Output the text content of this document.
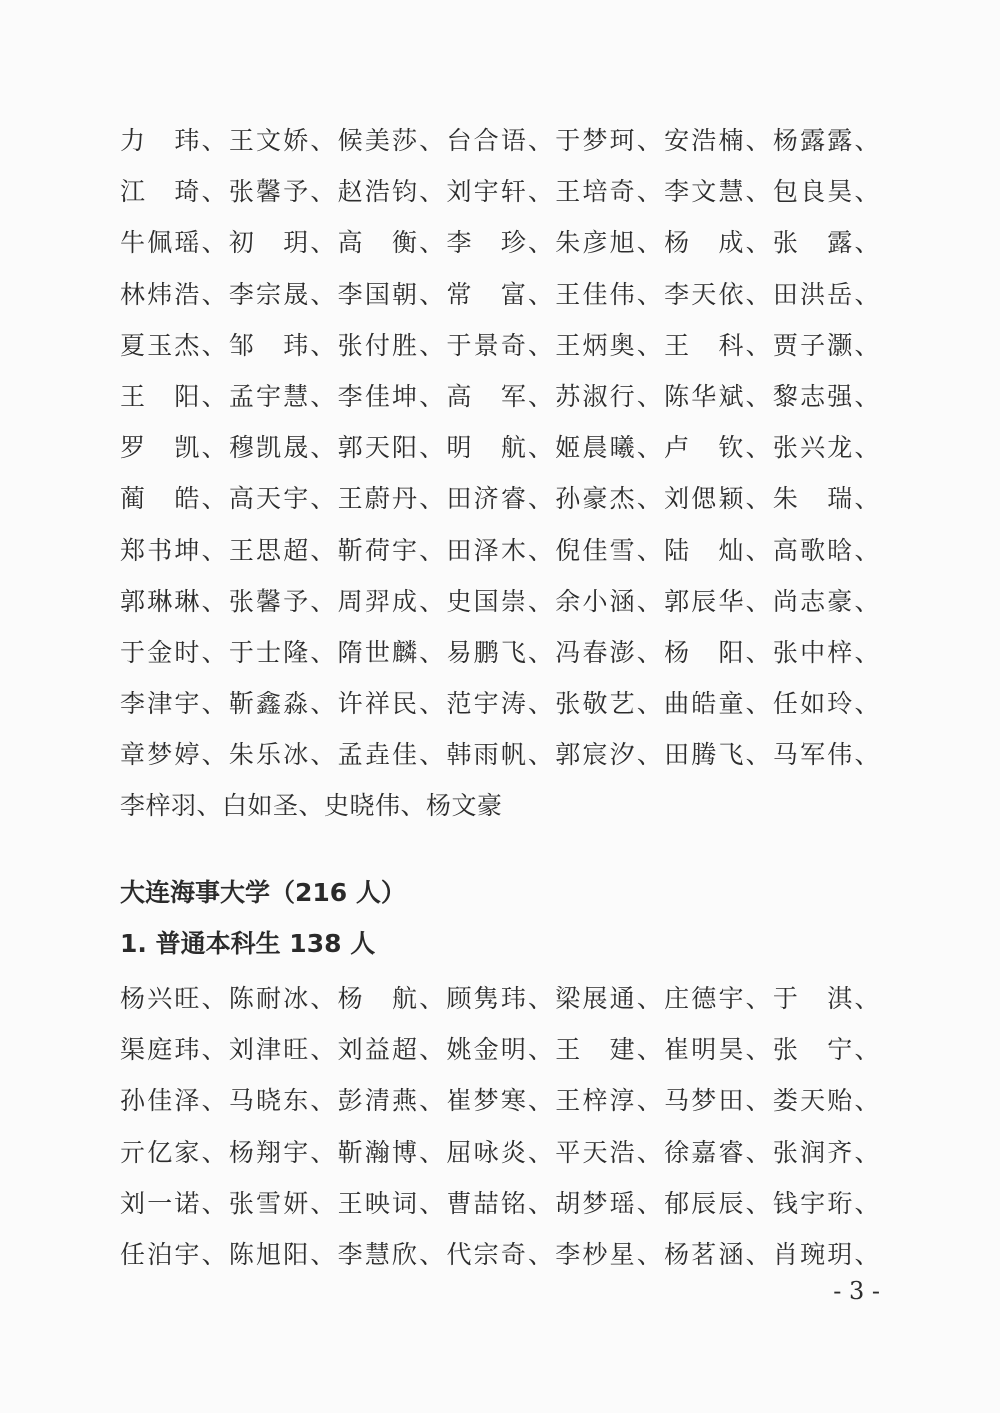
力　玮、王文娇、候美莎、台合语、于梦珂、安浩楠、杨露露、
江　琦、张馨予、赵浩钧、刘宇轩、王培奇、李文慧、包良昊、
牛佩瑶、初　玥、高　衡、李　珍、朱彦旭、杨　成、张　露、
林炜浩、李宗晟、李国朝、常　富、王佳伟、李天依、田洪岳、
夏玉杰、邹　玮、张付胜、于景奇、王炳奥、王　科、贾子灏、
王　阳、孟宇慧、李佳坤、高　军、苏淑行、陈华斌、黎志强、
罗　凯、穆凯晟、郭天阳、明　航、姬晨曦、卢　钦、张兴龙、
蔺　皓、高天宇、王蔚丹、田济睿、孙豪杰、刘偲颖、朱　瑞、
郑书坤、王思超、靳荷宇、田泽木、倪佳雪、陆　灿、高歌晗、
郭琳琳、张馨予、周羿成、史国崇、余小涵、郭辰华、尚志豪、
于金时、于士隆、隋世麟、易鹏飞、冯春澎、杨　阳、张中梓、
李津宇、靳鑫淼、许祥民、范宇涛、张敬艺、曲皓童、任如玲、
章梦婷、朱乐冰、孟垚佳、韩雨帆、郭宸汐、田腾飞、马军伟、
李梓羽、白如圣、史晓伟、杨文豪
大连海事大学（216 人）
1. 普通本科生 138 人
杨兴旺、陈耐冰、杨　航、顾隽玮、梁展通、庄德宇、于　淇、
渠庭玮、刘津旺、刘益超、姚金明、王　建、崔明昊、张　宁、
孙佳泽、马晓东、彭清燕、崔梦寒、王梓淳、马梦田、娄天贻、
亓亿家、杨翔宇、靳瀚博、屈咏炎、平天浩、徐嘉睿、张润齐、
刘一诺、张雪妍、王映词、曹喆铭、胡梦瑶、郁辰辰、钱宇珩、
任泊宇、陈旭阳、李慧欣、代宗奇、李杪星、杨茗涵、肖琬玥、
- 3 -
